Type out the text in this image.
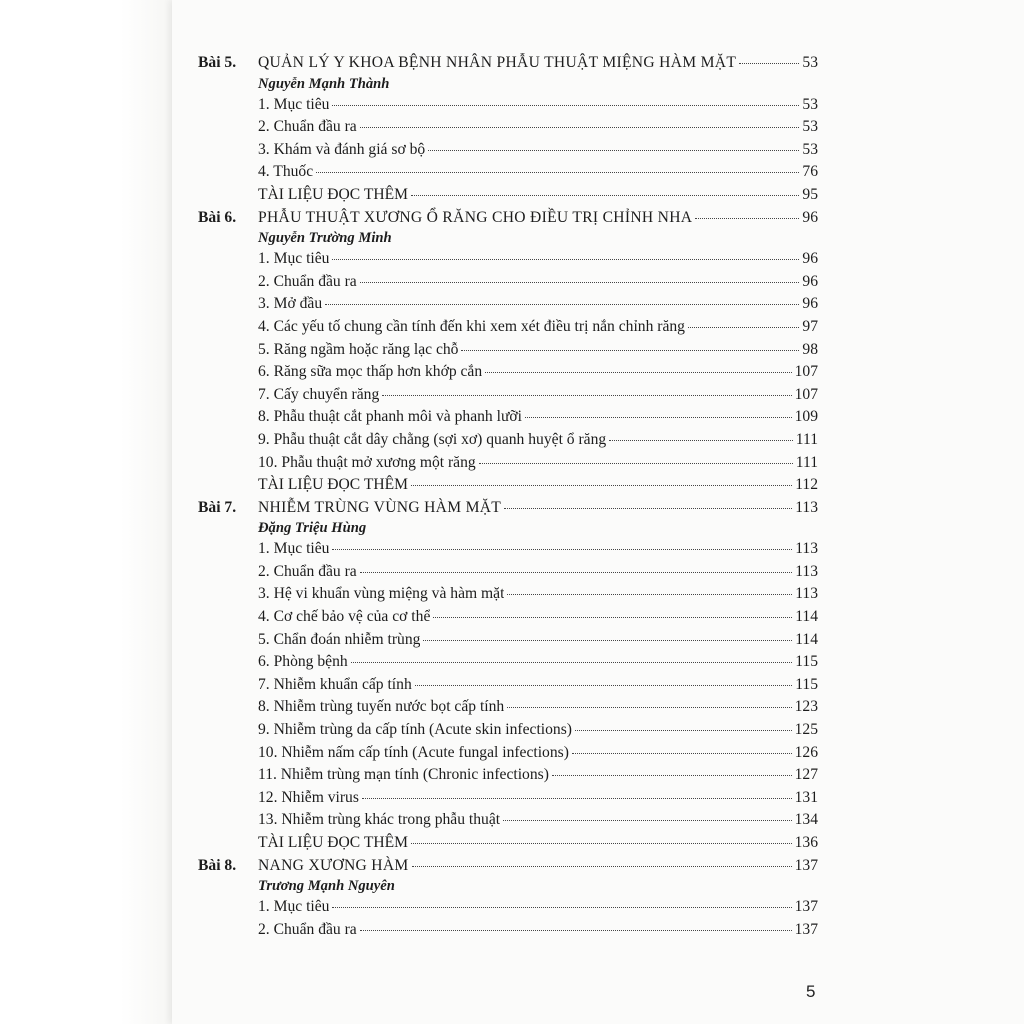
Bài 5.	QUẢN LÝ Y KHOA BỆNH NHÂN PHẪU THUẬT MIỆNG HÀM MẶT	53
Nguyễn Mạnh Thành
1. Mục tiêu	53
2. Chuẩn đầu ra	53
3. Khám và đánh giá sơ bộ	53
4. Thuốc	76
TÀI LIỆU ĐỌC THÊM	95
Bài 6.	PHẪU THUẬT XƯƠNG Ổ RĂNG CHO ĐIỀU TRỊ CHỈNH NHA	96
Nguyễn Trường Minh
1. Mục tiêu	96
2. Chuẩn đầu ra	96
3. Mở đầu	96
4. Các yếu tố chung cần tính đến khi xem xét điều trị nắn chỉnh răng	97
5. Răng ngầm hoặc răng lạc chỗ	98
6. Răng sữa mọc thấp hơn khớp cắn	107
7. Cấy chuyển răng	107
8. Phẫu thuật cắt phanh môi và phanh lưỡi	109
9. Phẫu thuật cắt dây chằng (sợi xơ) quanh huyệt ổ răng	111
10. Phẫu thuật mở xương một răng	111
TÀI LIỆU ĐỌC THÊM	112
Bài 7.	NHIỄM TRÙNG VÙNG HÀM MẶT	113
Đặng Triệu Hùng
1. Mục tiêu	113
2. Chuẩn đầu ra	113
3. Hệ vi khuẩn vùng miệng và hàm mặt	113
4. Cơ chế bảo vệ của cơ thể	114
5. Chẩn đoán nhiễm trùng	114
6. Phòng bệnh	115
7. Nhiễm khuẩn cấp tính	115
8. Nhiễm trùng tuyến nước bọt cấp tính	123
9. Nhiễm trùng da cấp tính (Acute skin infections)	125
10. Nhiễm nấm cấp tính (Acute fungal infections)	126
11. Nhiễm trùng mạn tính (Chronic infections)	127
12. Nhiễm virus	131
13. Nhiễm trùng khác trong phẫu thuật	134
TÀI LIỆU ĐỌC THÊM	136
Bài 8.	NANG XƯƠNG HÀM	137
Trương Mạnh Nguyên
1. Mục tiêu	137
2. Chuẩn đầu ra	137
5
